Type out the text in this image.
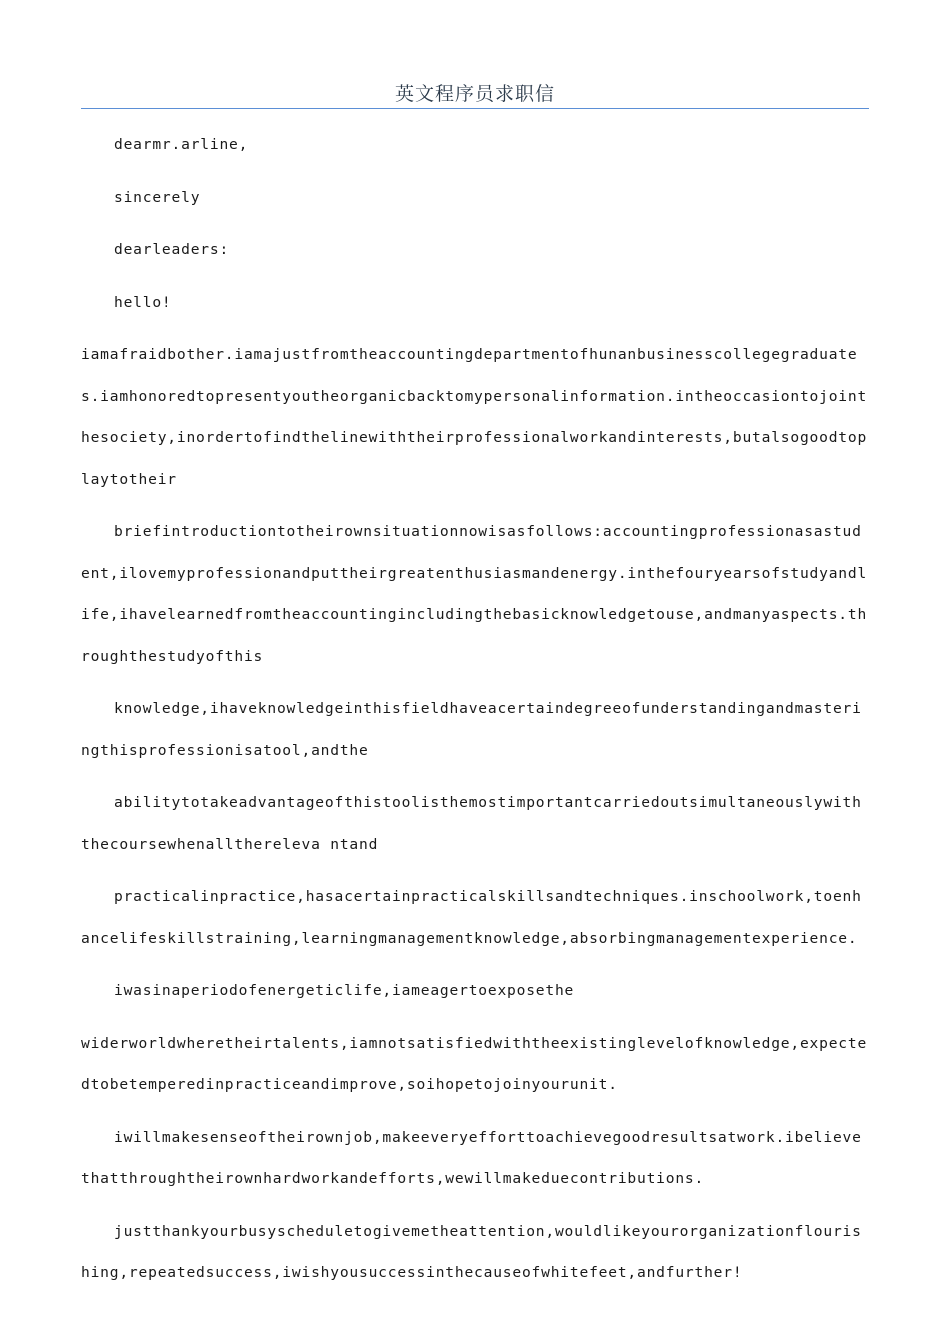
英文程序员求职信

dearmr.arline,

sincerely

dearleaders:

hello!

iamafraidbother.iamajustfromtheaccountingdepartmentofhunanbusinesscollegegraduates.iamhonoredtopresentyoutheorganicbacktomypersonalinformation.intheoccasiontojointhesociety,inordertofindthelinewiththeirprofessionalworkandinterests,butalsogoodtoplaytotheir

briefintroductiontotheirownsituationnowisasfollows:accountingprofessionasastudent,ilovemyprofessionandputtheirgreatenthusiasmandenergy.inthefouryearsofstudyandlife,ihavelearnedfromtheaccountingincludingthebasicknowledgetouse,andmanyaspects.throughthestudyofthis

knowledge,ihaveknowledgeinthisfieldhaveacertaindegreeofunderstandingandmasteringthisprofessionisatool,andthe

abilitytotakeadvantageofthistoolisthemostimportantcarriedoutsimultaneouslywiththecoursewhenallthereleva ntand

practicalinpractice,hasacertainpracticalskillsandtechniques.inschoolwork,toenhancelifeskillstraining,learningmanagementknowledge,absorbingmanagementexperience.

iwasinaperiodofenergeticlife,iameagertoexposethe

widerworldwheretheirtalents,iamnotsatisfiedwiththeexistinglevelofknowledge,expectedtobetemperedinpracticeandimprove,soihopetojoinyourunit.

iwillmakesenseoftheirownjob,makeeveryefforttoachievegoodresultsatwork.ibelievethatthroughtheirownhardworkandefforts,wewillmakeduecontributions.

justthankyourbusyscheduletogivemetheattention,wouldlikeyourorganizationflourishing,repeatedsuccess,iwishyousuccessinthecauseofwhitefeet,andfurther!
